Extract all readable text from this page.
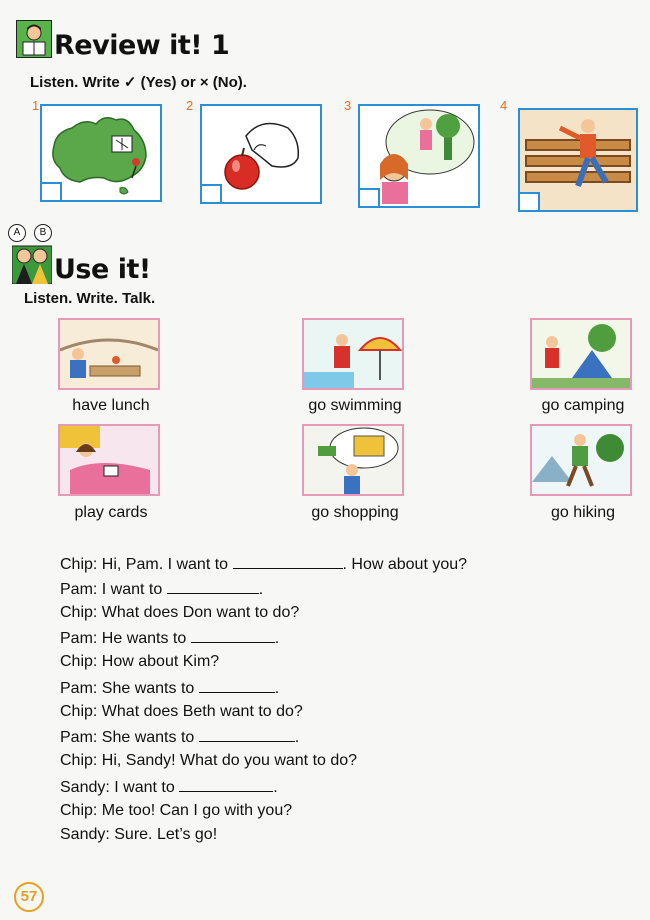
Review it! 1
Listen. Write ✓ (Yes) or × (No).
1	2	3	4
A	B
Use it!
Listen. Write. Talk.
have lunch	go swimming	go camping
play cards	go shopping	go hiking
Chip: Hi, Pam. I want to	. How about you?
Pam: I want to	.
Chip: What does Don want to do?
Pam: He wants to	.
Chip: How about Kim?
Pam: She wants to	.
Chip: What does Beth want to do?
Pam: She wants to	.
Chip: Hi, Sandy! What do you want to do?
Sandy: I want to	.
Chip: Me too! Can I go with you?
Sandy: Sure. Let’s go!
57
